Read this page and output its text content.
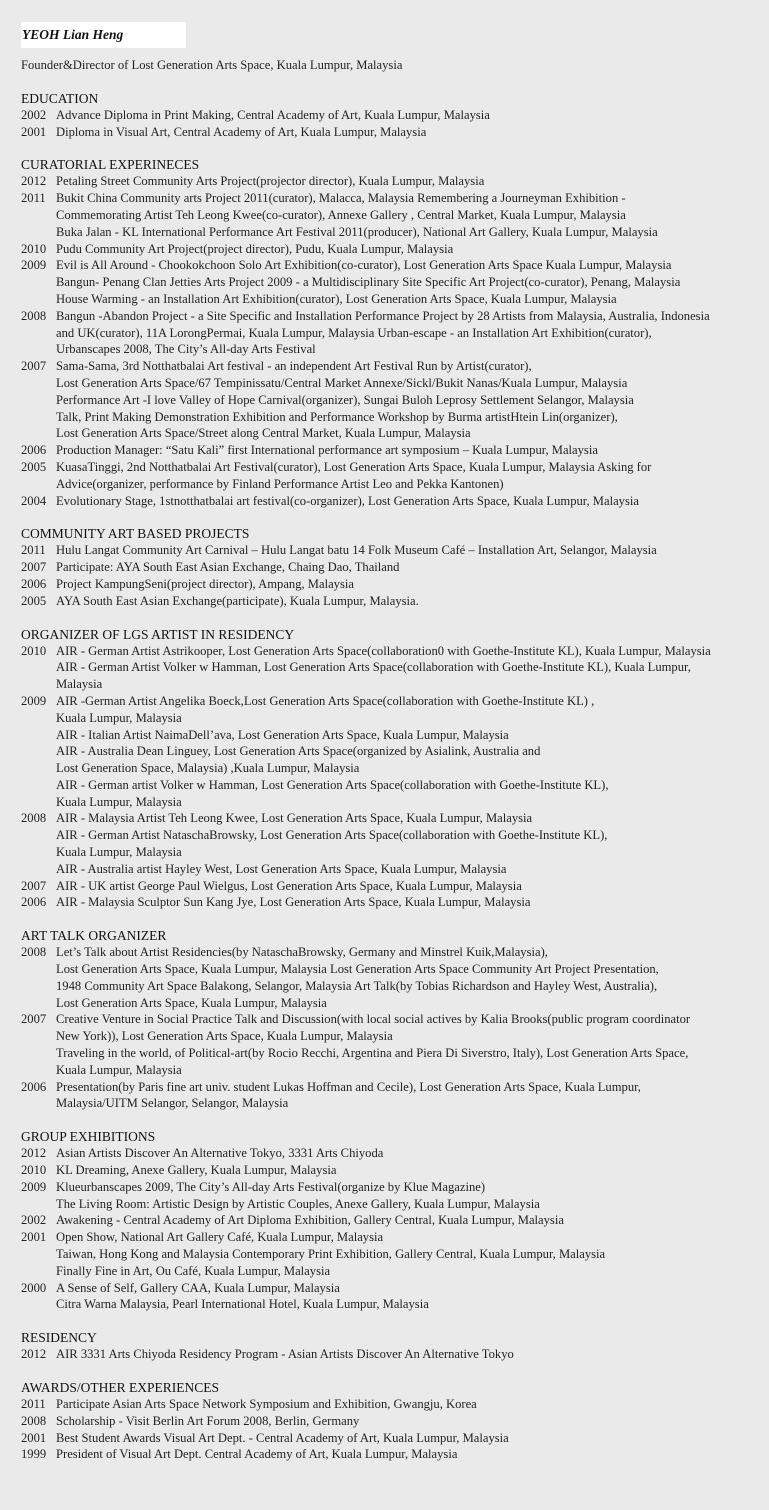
YEOH Lian Heng
Founder&Director of Lost Generation Arts Space, Kuala Lumpur, Malaysia
EDUCATION
2002 Advance Diploma in Print Making, Central Academy of Art, Kuala Lumpur, Malaysia
2001 Diploma in Visual Art, Central Academy of Art, Kuala Lumpur, Malaysia
CURATORIAL EXPERINECES
2012 Petaling Street Community Arts Project(projector director), Kuala Lumpur, Malaysia
2011 Bukit China Community arts Project 2011(curator), Malacca, Malaysia Remembering a Journeyman Exhibition -
Commemorating Artist Teh Leong Kwee(co-curator), Annexe Gallery , Central Market, Kuala Lumpur, Malaysia
Buka Jalan - KL International Performance Art Festival 2011(producer), National Art Gallery, Kuala Lumpur, Malaysia
2010 Pudu Community Art Project(project director), Pudu, Kuala Lumpur, Malaysia
2009 Evil is All Around - Chookokchoon Solo Art Exhibition(co-curator), Lost Generation Arts Space Kuala Lumpur, Malaysia
Bangun- Penang Clan Jetties Arts Project 2009 - a Multidisciplinary Site Specific Art Project(co-curator), Penang, Malaysia
House Warming - an Installation Art Exhibition(curator), Lost Generation Arts Space, Kuala Lumpur, Malaysia
2008 Bangun -Abandon Project - a Site Specific and Installation Performance Project by 28 Artists from Malaysia, Australia, Indonesia
and UK(curator), 11A LorongPermai, Kuala Lumpur, Malaysia Urban-escape - an Installation Art Exhibition(curator),
Urbanscapes 2008, The City’s All-day Arts Festival
2007 Sama-Sama, 3rd Notthatbalai Art festival - an independent Art Festival Run by Artist(curator),
Lost Generation Arts Space/67 Tempinissatu/Central Market Annexe/Sickl/Bukit Nanas/Kuala Lumpur, Malaysia
Performance Art -I love Valley of Hope Carnival(organizer), Sungai Buloh Leprosy Settlement Selangor, Malaysia
Talk, Print Making Demonstration Exhibition and Performance Workshop by Burma artistHtein Lin(organizer),
Lost Generation Arts Space/Street along Central Market, Kuala Lumpur, Malaysia
2006 Production Manager: “Satu Kali” first International performance art symposium – Kuala Lumpur, Malaysia
2005 KuasaTinggi, 2nd Notthatbalai Art Festival(curator), Lost Generation Arts Space, Kuala Lumpur, Malaysia Asking for
Advice(organizer, performance by Finland Performance Artist Leo and Pekka Kantonen)
2004 Evolutionary Stage, 1stnotthatbalai art festival(co-organizer), Lost Generation Arts Space, Kuala Lumpur, Malaysia
COMMUNITY ART BASED PROJECTS
2011 Hulu Langat Community Art Carnival – Hulu Langat batu 14 Folk Museum Café – Installation Art, Selangor, Malaysia
2007 Participate: AYA South East Asian Exchange, Chaing Dao, Thailand
2006 Project KampungSeni(project director), Ampang, Malaysia
2005 AYA South East Asian Exchange(participate), Kuala Lumpur, Malaysia.
ORGANIZER OF LGS ARTIST IN RESIDENCY
2010 AIR - German Artist Astrikooper, Lost Generation Arts Space(collaboration0 with Goethe-Institute KL), Kuala Lumpur, Malaysia
AIR - German Artist Volker w Hamman, Lost Generation Arts Space(collaboration with Goethe-Institute KL), Kuala Lumpur,
Malaysia
2009 AIR -German Artist Angelika Boeck,Lost Generation Arts Space(collaboration with Goethe-Institute KL) ,
Kuala Lumpur, Malaysia
AIR - Italian Artist NaimaDell’ava, Lost Generation Arts Space, Kuala Lumpur, Malaysia
AIR - Australia Dean Linguey, Lost Generation Arts Space(organized by Asialink, Australia and
Lost Generation Space, Malaysia) ,Kuala Lumpur, Malaysia
AIR - German artist Volker w Hamman, Lost Generation Arts Space(collaboration with Goethe-Institute KL),
Kuala Lumpur, Malaysia
2008 AIR - Malaysia Artist Teh Leong Kwee, Lost Generation Arts Space, Kuala Lumpur, Malaysia
AIR - German Artist NataschaBrowsky, Lost Generation Arts Space(collaboration with Goethe-Institute KL),
Kuala Lumpur, Malaysia
AIR - Australia artist Hayley West, Lost Generation Arts Space, Kuala Lumpur, Malaysia
2007 AIR - UK artist George Paul Wielgus, Lost Generation Arts Space, Kuala Lumpur, Malaysia
2006 AIR - Malaysia Sculptor Sun Kang Jye, Lost Generation Arts Space, Kuala Lumpur, Malaysia
ART TALK ORGANIZER
2008 Let’s Talk about Artist Residencies(by NataschaBrowsky, Germany and Minstrel Kuik,Malaysia),
Lost Generation Arts Space, Kuala Lumpur, Malaysia Lost Generation Arts Space Community Art Project Presentation,
1948 Community Art Space Balakong, Selangor, Malaysia Art Talk(by Tobias Richardson and Hayley West, Australia),
Lost Generation Arts Space, Kuala Lumpur, Malaysia
2007 Creative Venture in Social Practice Talk and Discussion(with local social actives by Kalia Brooks(public program coordinator
New York)), Lost Generation Arts Space, Kuala Lumpur, Malaysia
Traveling in the world, of Political-art(by Rocio Recchi, Argentina and Piera Di Siverstro, Italy), Lost Generation Arts Space,
Kuala Lumpur, Malaysia
2006 Presentation(by Paris fine art univ. student Lukas Hoffman and Cecile), Lost Generation Arts Space, Kuala Lumpur,
Malaysia/UITM Selangor, Selangor, Malaysia
GROUP EXHIBITIONS
2012 Asian Artists Discover An Alternative Tokyo, 3331 Arts Chiyoda
2010 KL Dreaming, Anexe Gallery, Kuala Lumpur, Malaysia
2009 Klueurbanscapes 2009, The City’s All-day Arts Festival(organize by Klue Magazine)
The Living Room: Artistic Design by Artistic Couples, Anexe Gallery, Kuala Lumpur, Malaysia
2002 Awakening - Central Academy of Art Diploma Exhibition, Gallery Central, Kuala Lumpur, Malaysia
2001 Open Show, National Art Gallery Café, Kuala Lumpur, Malaysia
Taiwan, Hong Kong and Malaysia Contemporary Print Exhibition, Gallery Central, Kuala Lumpur, Malaysia
Finally Fine in Art, Ou Café, Kuala Lumpur, Malaysia
2000 A Sense of Self, Gallery CAA, Kuala Lumpur, Malaysia
Citra Warna Malaysia, Pearl International Hotel, Kuala Lumpur, Malaysia
RESIDENCY
2012 AIR 3331 Arts Chiyoda Residency Program - Asian Artists Discover An Alternative Tokyo
AWARDS/OTHER EXPERIENCES
2011 Participate Asian Arts Space Network Symposium and Exhibition, Gwangju, Korea
2008 Scholarship - Visit Berlin Art Forum 2008, Berlin, Germany
2001 Best Student Awards Visual Art Dept. - Central Academy of Art, Kuala Lumpur, Malaysia
1999 President of Visual Art Dept. Central Academy of Art, Kuala Lumpur, Malaysia
